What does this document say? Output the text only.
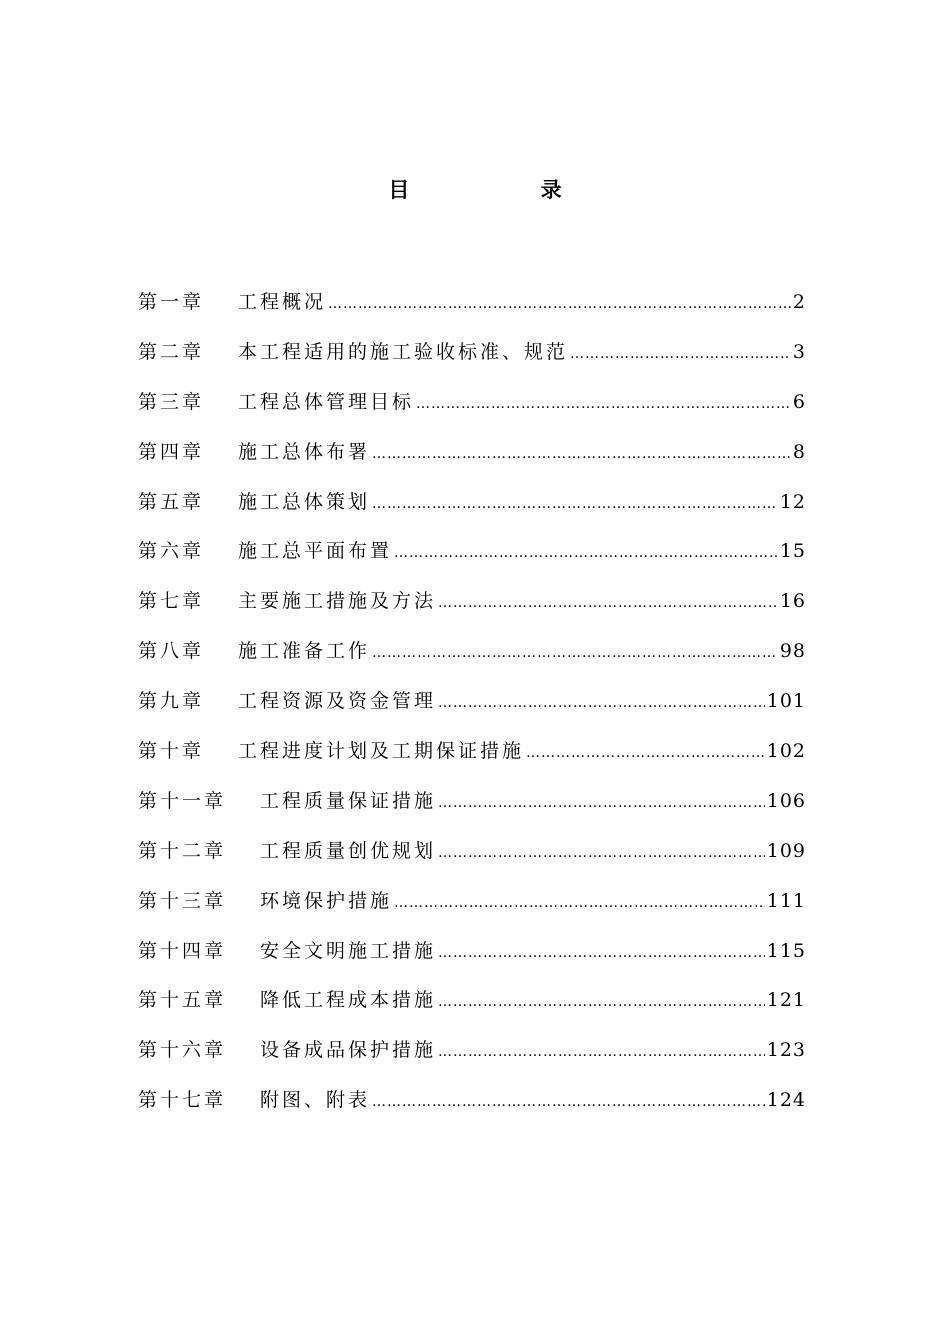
目 录
第一章	工程概况 ………………………………………………………………………………………………………………………………………………………………………………………………	2
第二章	本工程适用的施工验收标准、规范 ………………………………………………………………………………………………………………………………………………………………………………………………	3
第三章	工程总体管理目标 ………………………………………………………………………………………………………………………………………………………………………………………………	6
第四章	施工总体布署 ………………………………………………………………………………………………………………………………………………………………………………………………	8
第五章	施工总体策划 ………………………………………………………………………………………………………………………………………………………………………………………………	12
第六章	施工总平面布置 ………………………………………………………………………………………………………………………………………………………………………………………………	15
第七章	主要施工措施及方法 ………………………………………………………………………………………………………………………………………………………………………………………………	16
第八章	施工准备工作 ………………………………………………………………………………………………………………………………………………………………………………………………	98
第九章	工程资源及资金管理 ………………………………………………………………………………………………………………………………………………………………………………………………	101
第十章	工程进度计划及工期保证措施 ………………………………………………………………………………………………………………………………………………………………………………………………	102
第十一章	工程质量保证措施 ………………………………………………………………………………………………………………………………………………………………………………………………	106
第十二章	工程质量创优规划 ………………………………………………………………………………………………………………………………………………………………………………………………	109
第十三章	环境保护措施 ………………………………………………………………………………………………………………………………………………………………………………………………	111
第十四章	安全文明施工措施 ………………………………………………………………………………………………………………………………………………………………………………………………	115
第十五章	降低工程成本措施 ………………………………………………………………………………………………………………………………………………………………………………………………	121
第十六章	设备成品保护措施 ………………………………………………………………………………………………………………………………………………………………………………………………	123
第十七章	附图、附表 ………………………………………………………………………………………………………………………………………………………………………………………………	124
